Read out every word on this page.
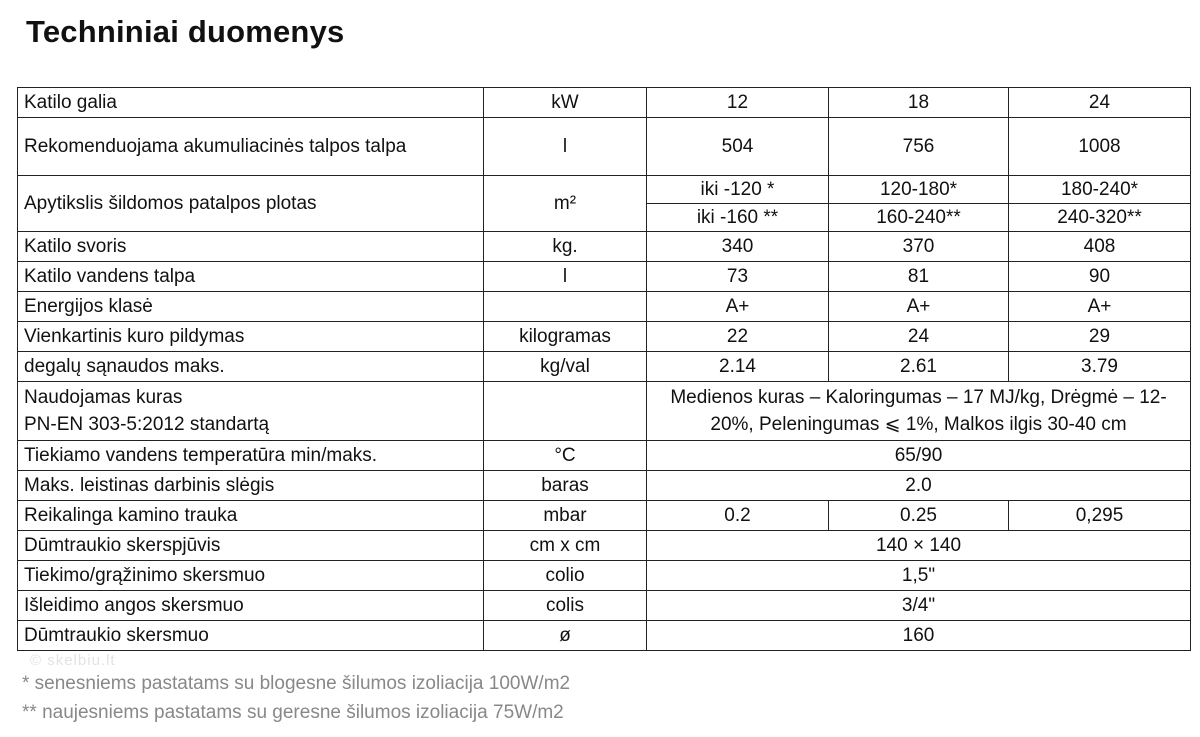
Techniniai duomenys
Katilo galia	kW	12	18	24
Rekomenduojama akumuliacinės talpos talpa	l	504	756	1008
Apytikslis šildomos patalpos plotas	m²	iki -120 *	120-180*	180-240*
		iki -160 **	160-240**	240-320**
Katilo svoris	kg.	340	370	408
Katilo vandens talpa	l	73	81	90
Energijos klasė		A+	A+	A+
Vienkartinis kuro pildymas	kilogramas	22	24	29
degalų sąnaudos maks.	kg/val	2.14	2.61	3.79

Naudojamas kuras
PN-EN 303-5:2012 standartą		Medienos kuras – Kaloringumas – 17 MJ/kg, Drėgmė – 12-20%, Peleningumas ⩽ 1%, Malkos ilgis 30-40 cm		
Tiekiamo vandens temperatūra min/maks.	°C	65/90		
Maks. leistinas darbinis slėgis	baras	2.0		
Reikalinga kamino trauka	mbar	0.2	0.25	0,295
Dūmtraukio skerspjūvis	cm x cm	140 × 140		
Tiekimo/grąžinimo skersmuo	colio	1,5"		
Išleidimo angos skersmuo	colis	3/4"		
Dūmtraukio skersmuo	ø	160		
© skelbiu.lt
* senesniems pastatams su blogesne šilumos izoliacija 100W/m2
** naujesniems pastatams su geresne šilumos izoliacija 75W/m2
